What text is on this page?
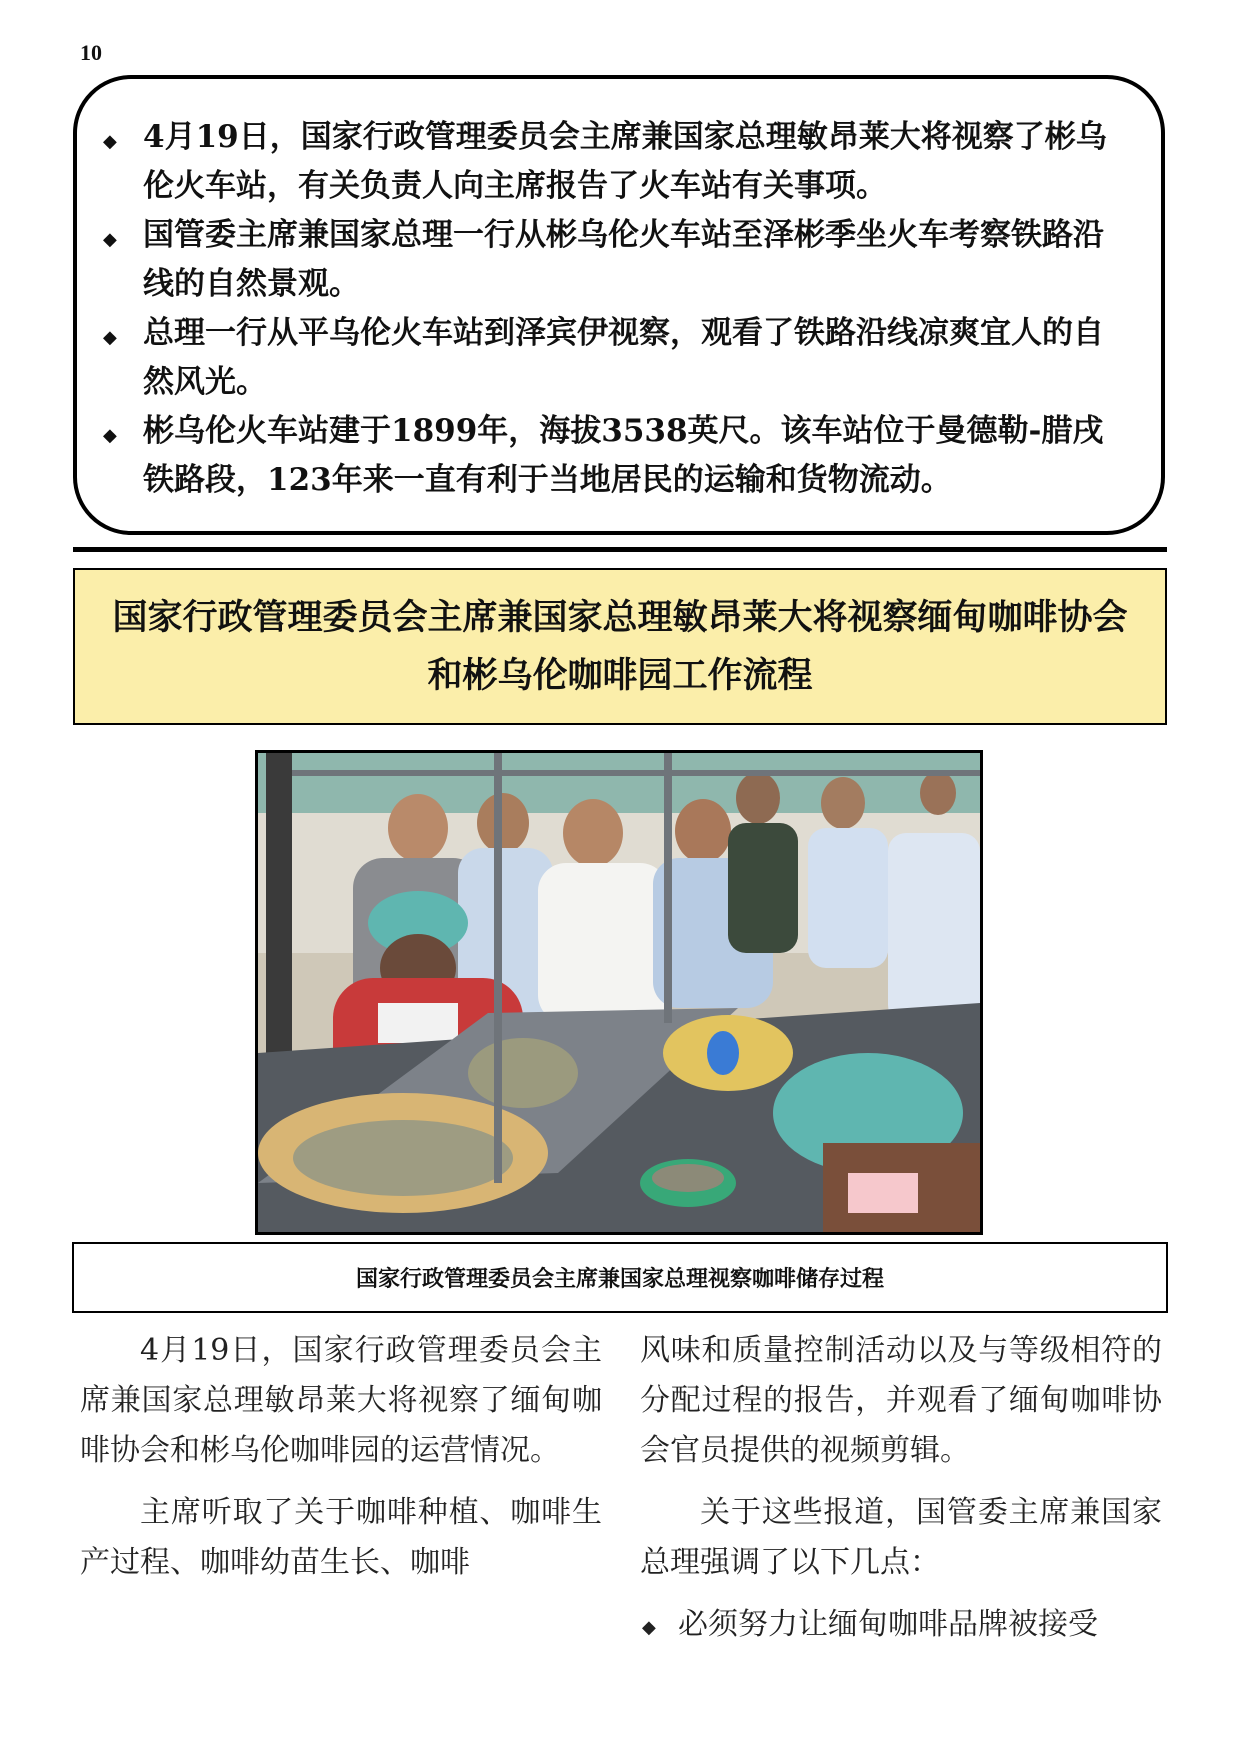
10
◆ 4月19日，国家行政管理委员会主席兼国家总理敏昂莱大将视察了彬乌伦火车站，有关负责人向主席报告了火车站有关事项。
◆ 国管委主席兼国家总理一行从彬乌伦火车站至泽彬季坐火车考察铁路沿线的自然景观。
◆ 总理一行从平乌伦火车站到泽宾伊视察，观看了铁路沿线凉爽宜人的自然风光。
◆ 彬乌伦火车站建于1899年，海拔3538英尺。该车站位于曼德勒-腊戌铁路段，123年来一直有利于当地居民的运输和货物流动。
国家行政管理委员会主席兼国家总理敏昂莱大将视察缅甸咖啡协会和彬乌伦咖啡园工作流程
国家行政管理委员会主席兼国家总理视察咖啡储存过程

4月19日，国家行政管理委员会主席兼国家总理敏昂莱大将视察了缅甸咖啡协会和彬乌伦咖啡园的运营情况。

主席听取了关于咖啡种植、咖啡生产过程、咖啡幼苗生长、咖啡

风味和质量控制活动以及与等级相符的分配过程的报告，并观看了缅甸咖啡协会官员提供的视频剪辑。

关于这些报道，国管委主席兼国家总理强调了以下几点：

◆ 必须努力让缅甸咖啡品牌被接受
